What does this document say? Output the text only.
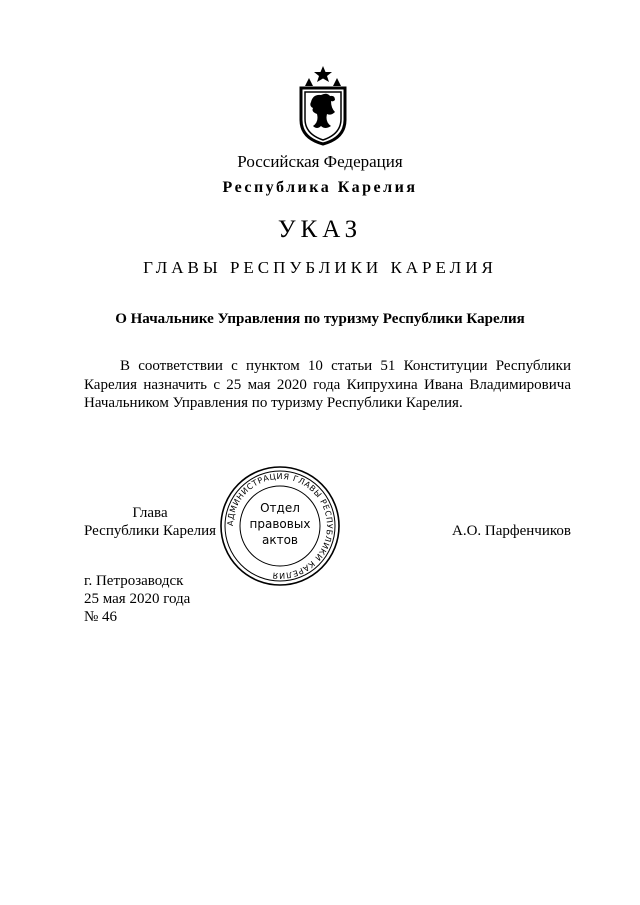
Российская Федерация
Республика Карелия
УКАЗ
ГЛАВЫ РЕСПУБЛИКИ КАРЕЛИЯ
О Начальнике Управления по туризму Республики Карелия
В соответствии с пунктом 10 статьи 51 Конституции Республики Карелия назначить с 25 мая 2020 года Кипрухина Ивана Владимировича Начальником Управления по туризму Республики Карелия.
Глава
Республики Карелия	А.О. Парфенчиков
АДМИНИСТРАЦИЯ ГЛАВЫ РЕСПУБЛИКИ КАРЕЛИЯ
Отдел
правовых
актов
г. Петрозаводск
25 мая 2020 года
№ 46
